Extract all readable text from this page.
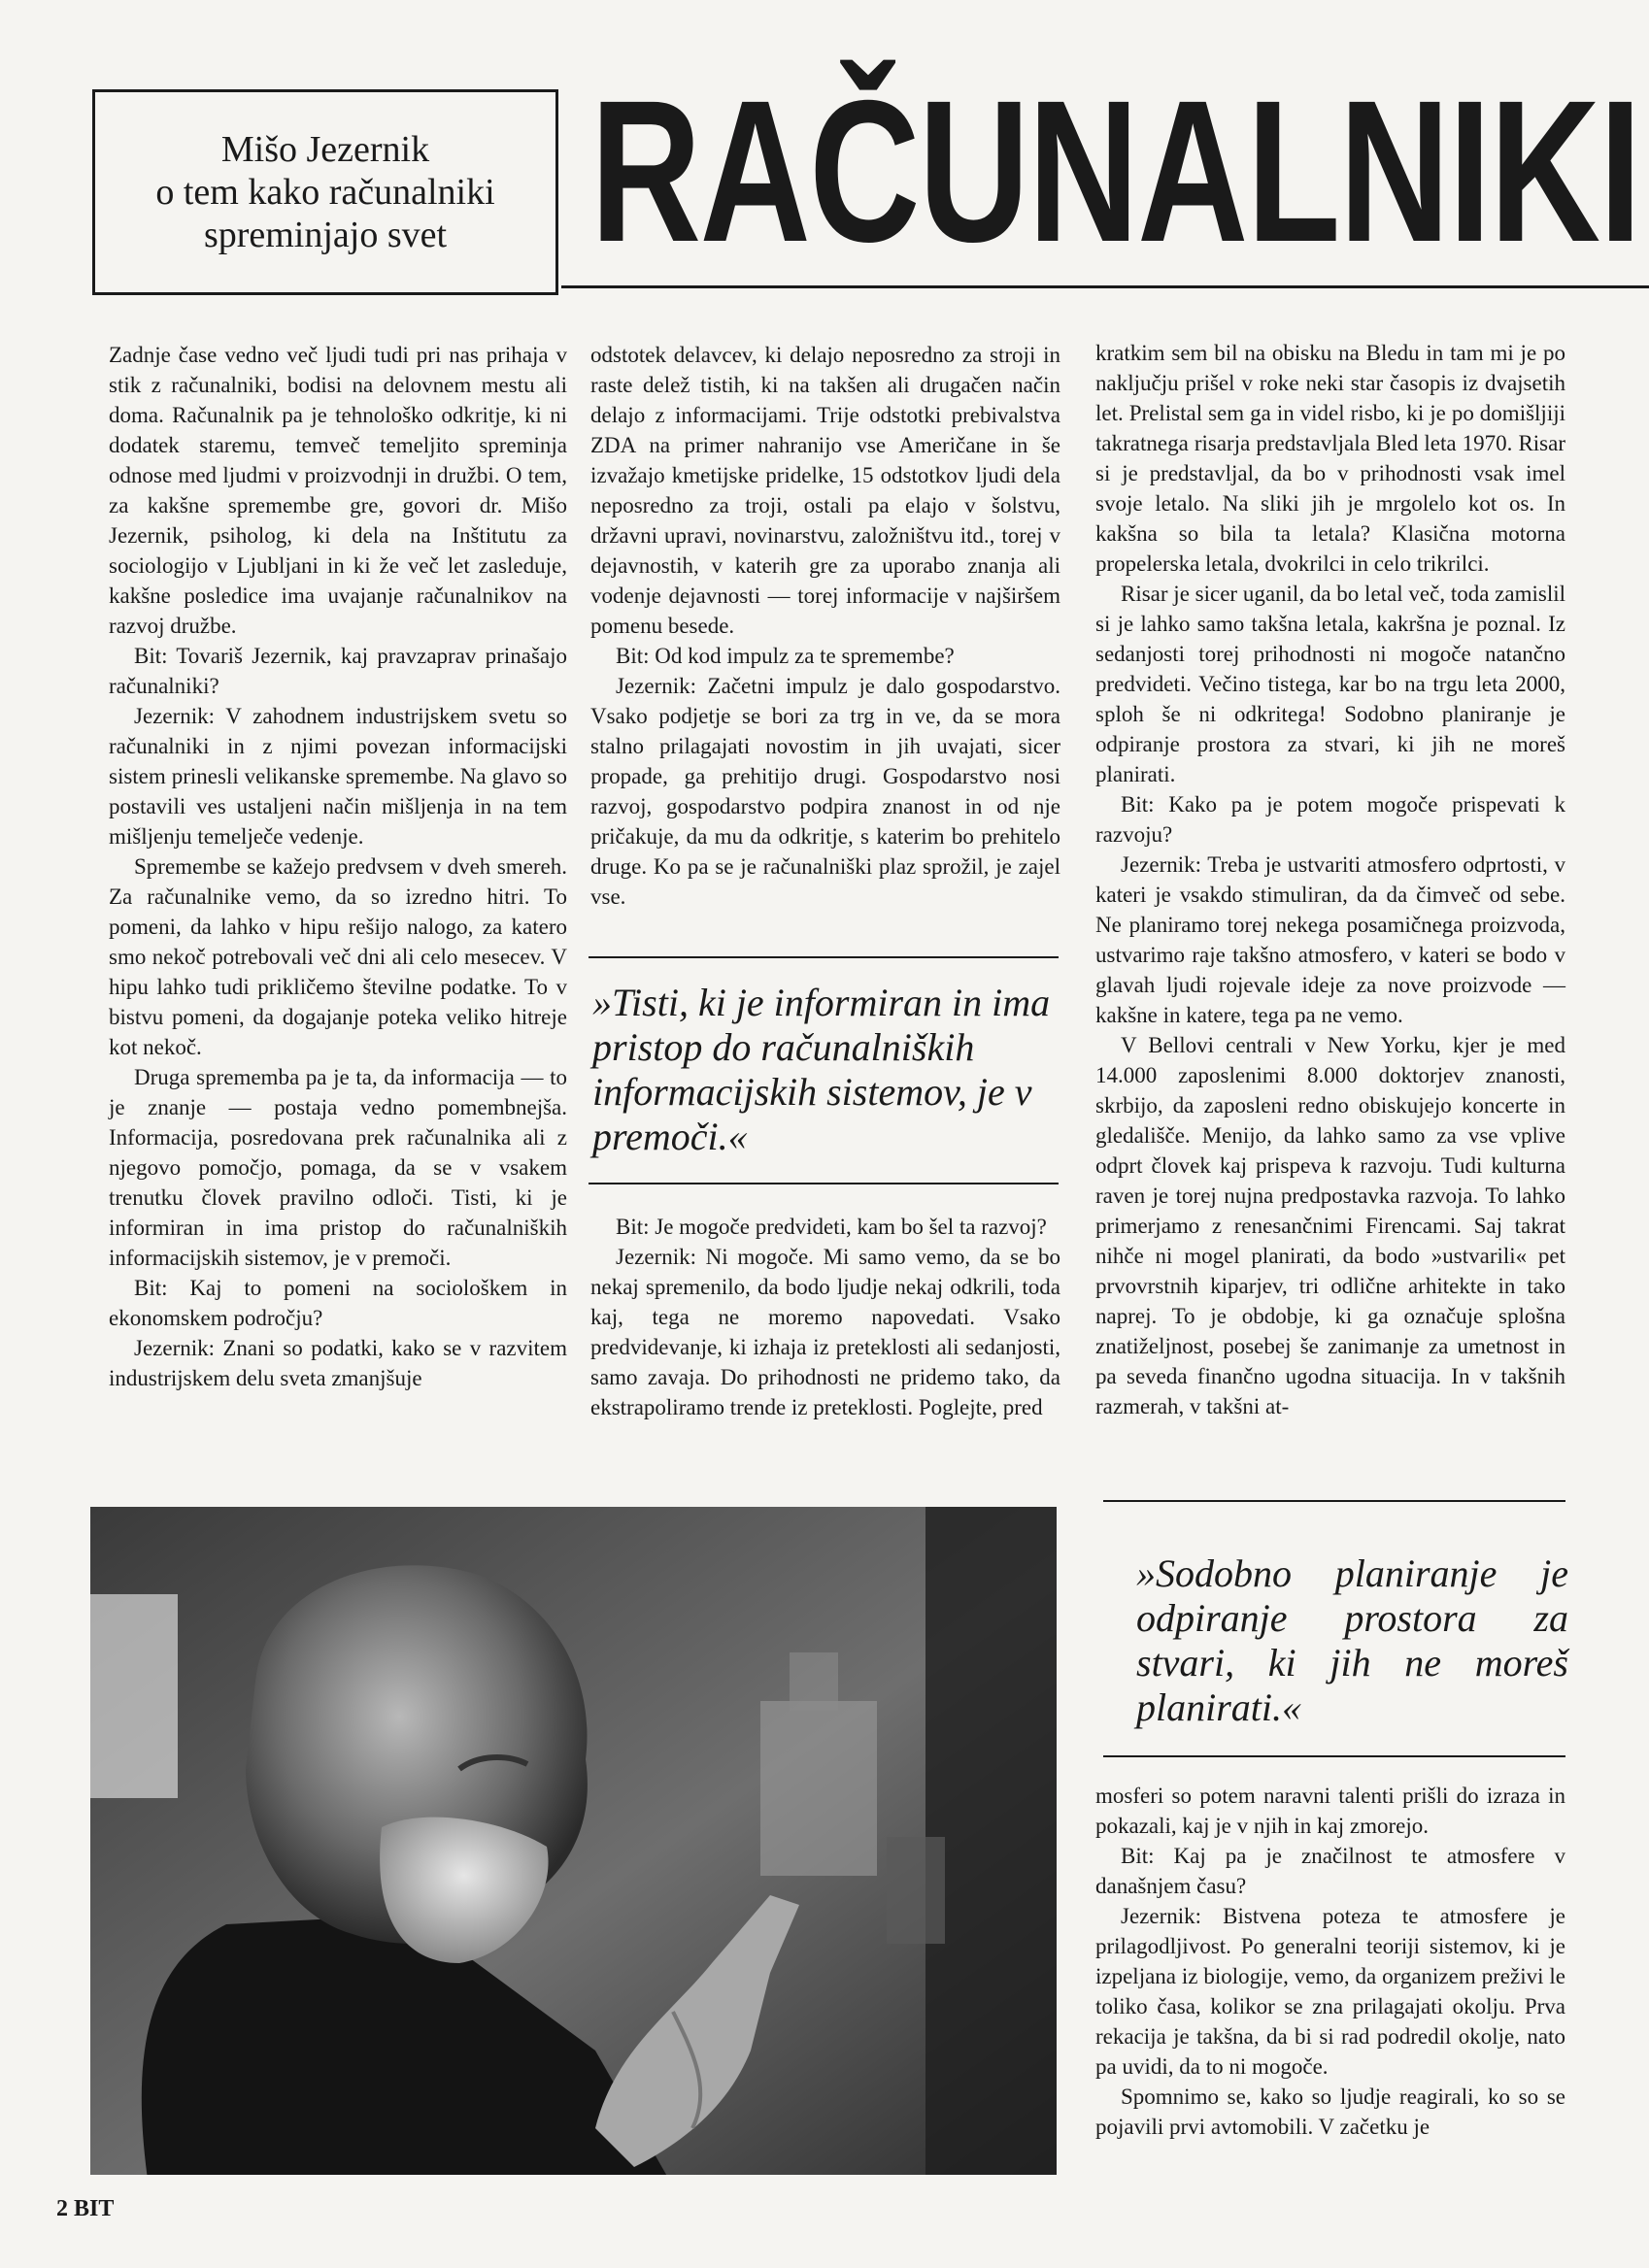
Mišo Jezernik
o tem kako računalniki
spreminjajo svet RAČUNALNIKI

Zadnje čase vedno več ljudi tudi pri nas prihaja v stik z računalniki, bodisi na delovnem mestu ali doma. Računalnik pa je tehnološko odkritje, ki ni dodatek staremu, temveč temeljito spreminja odnose med ljudmi v proizvodnji in družbi. O tem, za kakšne spremembe gre, govori dr. Mišo Jezernik, psiholog, ki dela na Inštitutu za sociologijo v Ljubljani in ki že več let zasleduje, kakšne posledice ima uvajanje računalnikov na razvoj družbe.

Bit: Tovariš Jezernik, kaj pravzaprav prinašajo računalniki?

Jezernik: V zahodnem industrijskem svetu so računalniki in z njimi povezan informacijski sistem prinesli velikanske spremembe. Na glavo so postavili ves ustaljeni način mišljenja in na tem mišljenju temelječe vedenje.

Spremembe se kažejo predvsem v dveh smereh. Za računalnike vemo, da so izredno hitri. To pomeni, da lahko v hipu rešijo nalogo, za katero smo nekoč potrebovali več dni ali celo mesecev. V hipu lahko tudi prikličemo številne podatke. To v bistvu pomeni, da dogajanje poteka veliko hitreje kot nekoč.

Druga sprememba pa je ta, da informacija — to je znanje — postaja vedno pomembnejša. Informacija, posredovana prek računalnika ali z njegovo pomočjo, pomaga, da se v vsakem trenutku človek pravilno odloči. Tisti, ki je informiran in ima pristop do računalniških informacijskih sistemov, je v premoči.

Bit: Kaj to pomeni na sociološkem in ekonomskem področju?

Jezernik: Znani so podatki, kako se v razvitem industrijskem delu sveta zmanjšuje

odstotek delavcev, ki delajo neposredno za stroji in raste delež tistih, ki na takšen ali drugačen način delajo z informacijami. Trije odstotki prebivalstva ZDA na primer nahranijo vse Američane in še izvažajo kmetijske pridelke, 15 odstotkov ljudi dela neposredno za troji, ostali pa elajo v šolstvu, državni upravi, novinarstvu, založništvu itd., torej v dejavnostih, v katerih gre za uporabo znanja ali vodenje dejavnosti — torej informacije v najširšem pomenu besede.

Bit: Od kod impulz za te spremembe?

Jezernik: Začetni impulz je dalo gospodarstvo. Vsako podjetje se bori za trg in ve, da se mora stalno prilagajati novostim in jih uvajati, sicer propade, ga prehitijo drugi. Gospodarstvo nosi razvoj, gospodarstvo podpira znanost in od nje pričakuje, da mu da odkritje, s katerim bo prehitelo druge. Ko pa se je računalniški plaz sprožil, je zajel vse.

»Tisti, ki je informiran in ima pristop do računalniških informacijskih sistemov, je v premoči.«

Bit: Je mogoče predvideti, kam bo šel ta razvoj?

Jezernik: Ni mogoče. Mi samo vemo, da se bo nekaj spremenilo, da bodo ljudje nekaj odkrili, toda kaj, tega ne moremo napovedati. Vsako predvidevanje, ki izhaja iz preteklosti ali sedanjosti, samo zavaja. Do prihodnosti ne pridemo tako, da ekstrapoliramo trende iz preteklosti. Poglejte, pred

kratkim sem bil na obisku na Bledu in tam mi je po naključju prišel v roke neki star časopis iz dvajsetih let. Prelistal sem ga in videl risbo, ki je po domišljiji takratnega risarja predstavljala Bled leta 1970. Risar si je predstavljal, da bo v prihodnosti vsak imel svoje letalo. Na sliki jih je mrgolelo kot os. In kakšna so bila ta letala? Klasična motorna propelerska letala, dvokrilci in celo trikrilci.

Risar je sicer uganil, da bo letal več, toda zamislil si je lahko samo takšna letala, kakršna je poznal. Iz sedanjosti torej prihodnosti ni mogoče natančno predvideti. Večino tistega, kar bo na trgu leta 2000, sploh še ni odkritega! Sodobno planiranje je odpiranje prostora za stvari, ki jih ne moreš planirati.

Bit: Kako pa je potem mogoče prispevati k razvoju?

Jezernik: Treba je ustvariti atmosfero odprtosti, v kateri je vsakdo stimuliran, da da čimveč od sebe. Ne planiramo torej nekega posamičnega proizvoda, ustvarimo raje takšno atmosfero, v kateri se bodo v glavah ljudi rojevale ideje za nove proizvode — kakšne in katere, tega pa ne vemo.

V Bellovi centrali v New Yorku, kjer je med 14.000 zaposlenimi 8.000 doktorjev znanosti, skrbijo, da zaposleni redno obiskujejo koncerte in gledališče. Menijo, da lahko samo za vse vplive odprt človek kaj prispeva k razvoju. Tudi kulturna raven je torej nujna predpostavka razvoja. To lahko primerjamo z renesančnimi Firencami. Saj takrat nihče ni mogel planirati, da bodo »ustvarili« pet prvovrstnih kiparjev, tri odlične arhitekte in tako naprej. To je obdobje, ki ga označuje splošna znatiželjnost, posebej še zanimanje za umetnost in pa seveda finančno ugodna situacija. In v takšnih razmerah, v takšni at-

»Sodobno planiranje je odpiranje prostora za stvari, ki jih ne moreš planirati.«

mosferi so potem naravni talenti prišli do izraza in pokazali, kaj je v njih in kaj zmorejo.

Bit: Kaj pa je značilnost te atmosfere v današnjem času?

Jezernik: Bistvena poteza te atmosfere je prilagodljivost. Po generalni teoriji sistemov, ki je izpeljana iz biologije, vemo, da organizem preživi le toliko časa, kolikor se zna prilagajati okolju. Prva rekacija je takšna, da bi si rad podredil okolje, nato pa uvidi, da to ni mogoče.

Spomnimo se, kako so ljudje reagirali, ko so se pojavili prvi avtomobili. V začetku je

2 BIT
